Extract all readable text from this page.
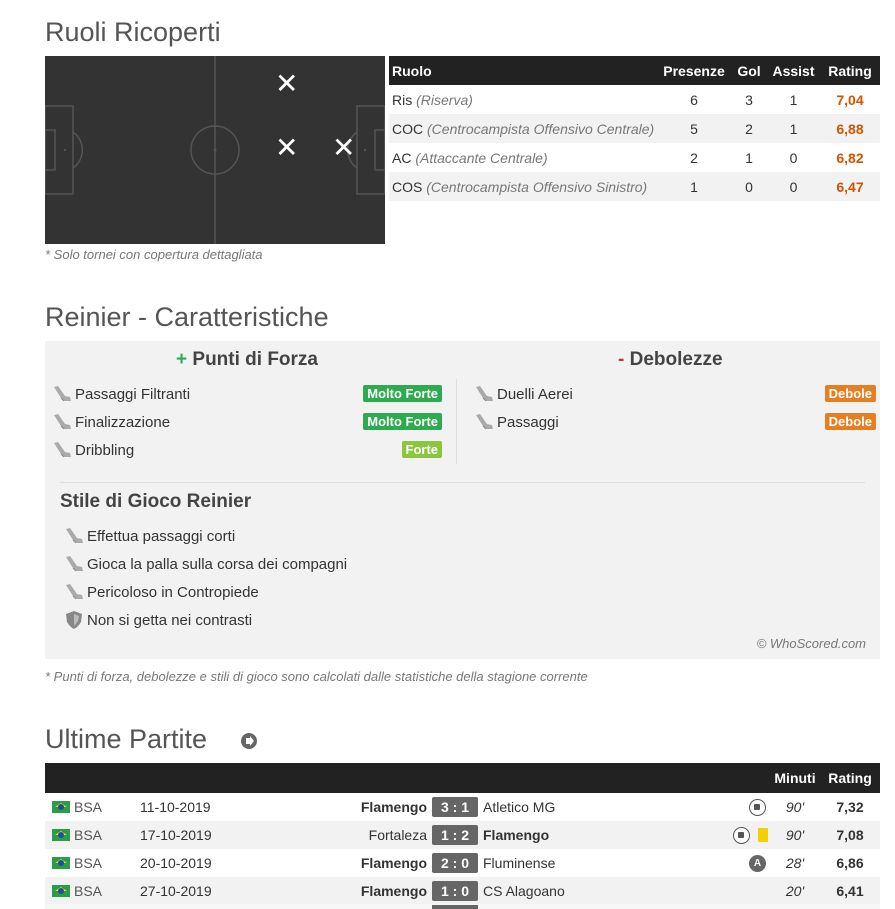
Ruoli Ricoperti
✕
✕ ✕
* Solo tornei con copertura dettagliata
Ruolo	Presenze	Gol	Assist	Rating
Ris (Riserva)	6	3	1	7,04
COC (Centrocampista Offensivo Centrale)	5	2	1	6,88
AC (Attaccante Centrale)	2	1	0	6,82
COS (Centrocampista Offensivo Sinistro)	1	0	0	6,47
Reinier - Caratteristiche
+ Punti di Forza	- Debolezze
Passaggi Filtranti	Molto Forte
Finalizzazione	Molto Forte
Dribbling	Forte
Duelli Aerei	Debole
Passaggi	Debole
Stile di Gioco Reinier
Effettua passaggi corti
Gioca la palla sulla corsa dei compagni
Pericoloso in Contropiede
Non si getta nei contrasti
© WhoScored.com
* Punti di forza, debolezze e stili di gioco sono calcolati dalle statistiche della stagione corrente
Ultime Partite
						Minuti	Rating
BSA	11-10-2019	Flamengo	3 : 1	Atletico MG		90'	7,32
BSA	17-10-2019	Fortaleza	1 : 2	Flamengo		90'	7,08
BSA	20-10-2019	Flamengo	2 : 0	Fluminense	A	28'	6,86
BSA	27-10-2019	Flamengo	1 : 0	CS Alagoano		20'	6,41
